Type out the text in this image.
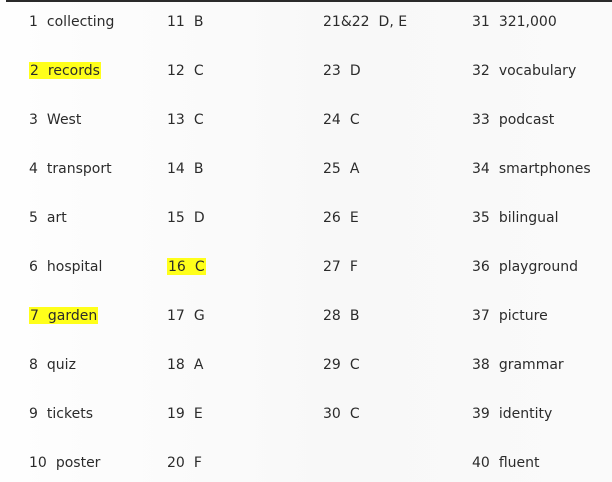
1 collecting
2 records
3 West
4 transport
5 art
6 hospital
7 garden
8 quiz
9 tickets
10 poster
11 B
12 C
13 C
14 B
15 D
16 C
17 G
18 A
19 E
20 F
21&22 D, E
23 D
24 C
25 A
26 E
27 F
28 B
29 C
30 C
31 321,000
32 vocabulary
33 podcast
34 smartphones
35 bilingual
36 playground
37 picture
38 grammar
39 identity
40 fluent
